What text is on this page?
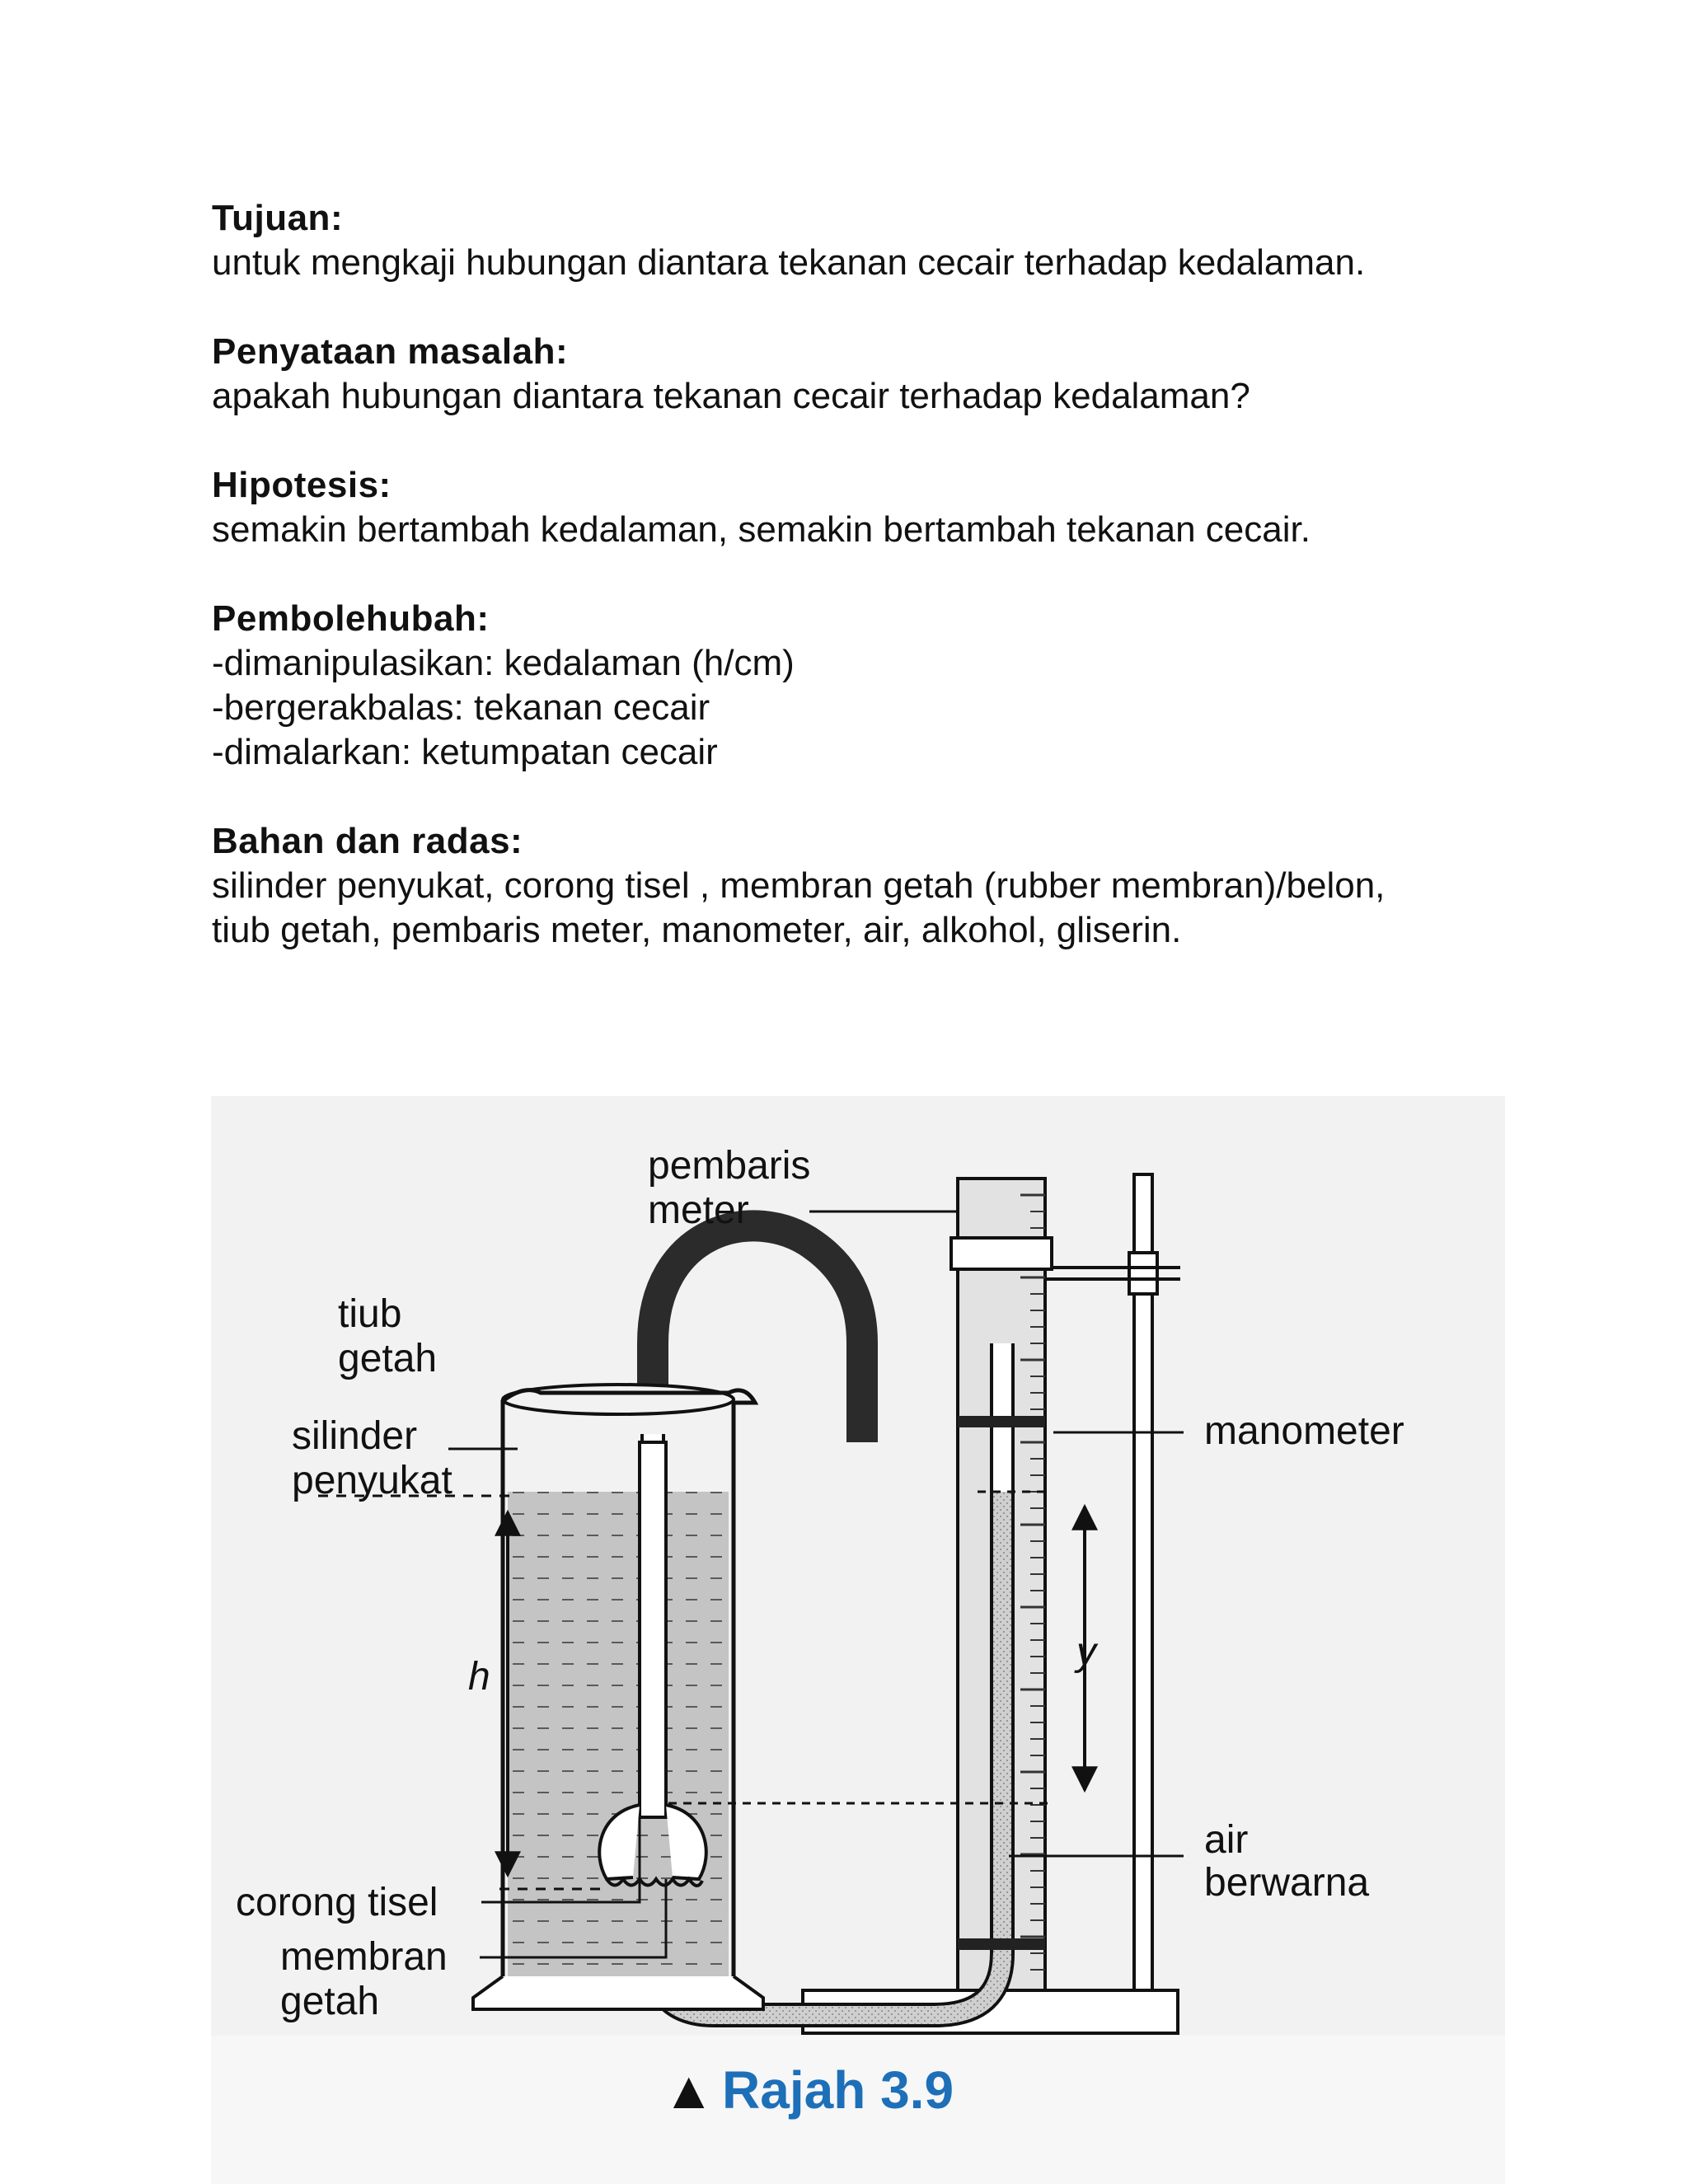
Tujuan:
untuk mengkaji hubungan diantara tekanan cecair terhadap kedalaman.
Penyataan masalah:
apakah hubungan diantara tekanan cecair terhadap kedalaman?
Hipotesis:
semakin bertambah kedalaman, semakin bertambah tekanan cecair.
Pembolehubah:
-dimanipulasikan: kedalaman (h/cm)
-bergerakbalas: tekanan cecair
-dimalarkan: ketumpatan cecair
Bahan dan radas:
silinder penyukat, corong tisel , membran getah (rubber membran)/belon,
tiub getah, pembaris meter, manometer, air, alkohol, gliserin.
pembaris
meter
tiub
getah
silinder
penyukat
manometer
h
y
air
berwarna
corong tisel
membran
getah
▲ Rajah 3.9
